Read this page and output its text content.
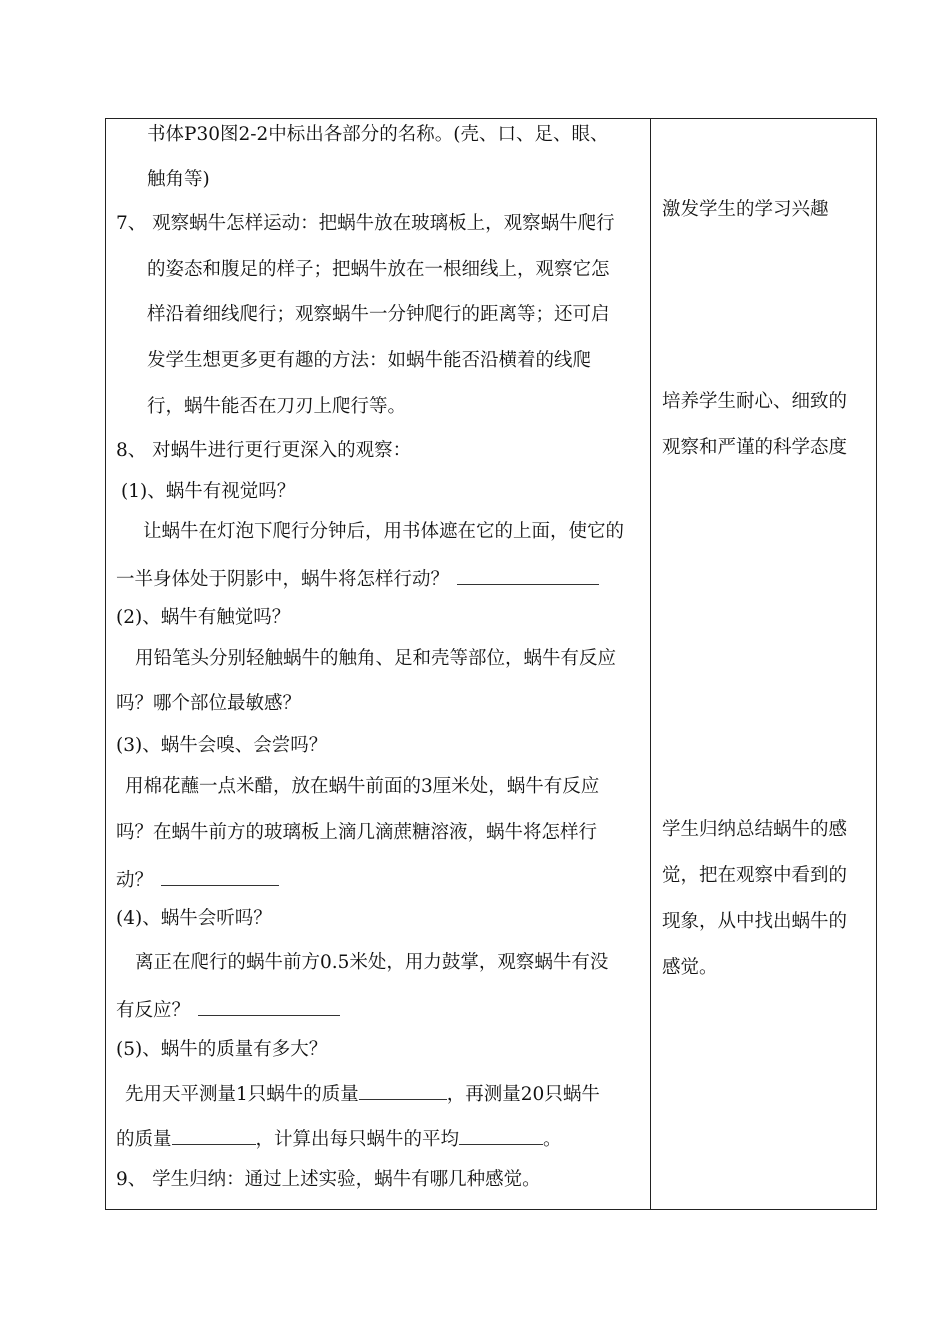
书体P30图2-2中标出各部分的名称。(壳、口、足、眼、
触角等)
7、 观察蜗牛怎样运动：把蜗牛放在玻璃板上，观察蜗牛爬行
的姿态和腹足的样子；把蜗牛放在一根细线上，观察它怎
样沿着细线爬行；观察蜗牛一分钟爬行的距离等；还可启
发学生想更多更有趣的方法：如蜗牛能否沿横着的线爬
行，蜗牛能否在刀刃上爬行等。
8、 对蜗牛进行更行更深入的观察：
(1)、蜗牛有视觉吗？
让蜗牛在灯泡下爬行分钟后，用书体遮在它的上面，使它的
一半身体处于阴影中，蜗牛将怎样行动？
(2)、蜗牛有触觉吗？
用铅笔头分别轻触蜗牛的触角、足和壳等部位，蜗牛有反应
吗？哪个部位最敏感？
(3)、蜗牛会嗅、会尝吗？
用棉花蘸一点米醋，放在蜗牛前面的3厘米处，蜗牛有反应
吗？在蜗牛前方的玻璃板上滴几滴蔗糖溶液，蜗牛将怎样行
动？
(4)、蜗牛会听吗？
离正在爬行的蜗牛前方0.5米处，用力鼓掌，观察蜗牛有没
有反应？
(5)、蜗牛的质量有多大？
先用天平测量1只蜗牛的质量	，再测量20只蜗牛
的质量	，计算出每只蜗牛的平均	。
9、 学生归纳：通过上述实验，蜗牛有哪几种感觉。
激发学生的学习兴趣
培养学生耐心、细致的
观察和严谨的科学态度
学生归纳总结蜗牛的感
觉，把在观察中看到的
现象，从中找出蜗牛的
感觉。
